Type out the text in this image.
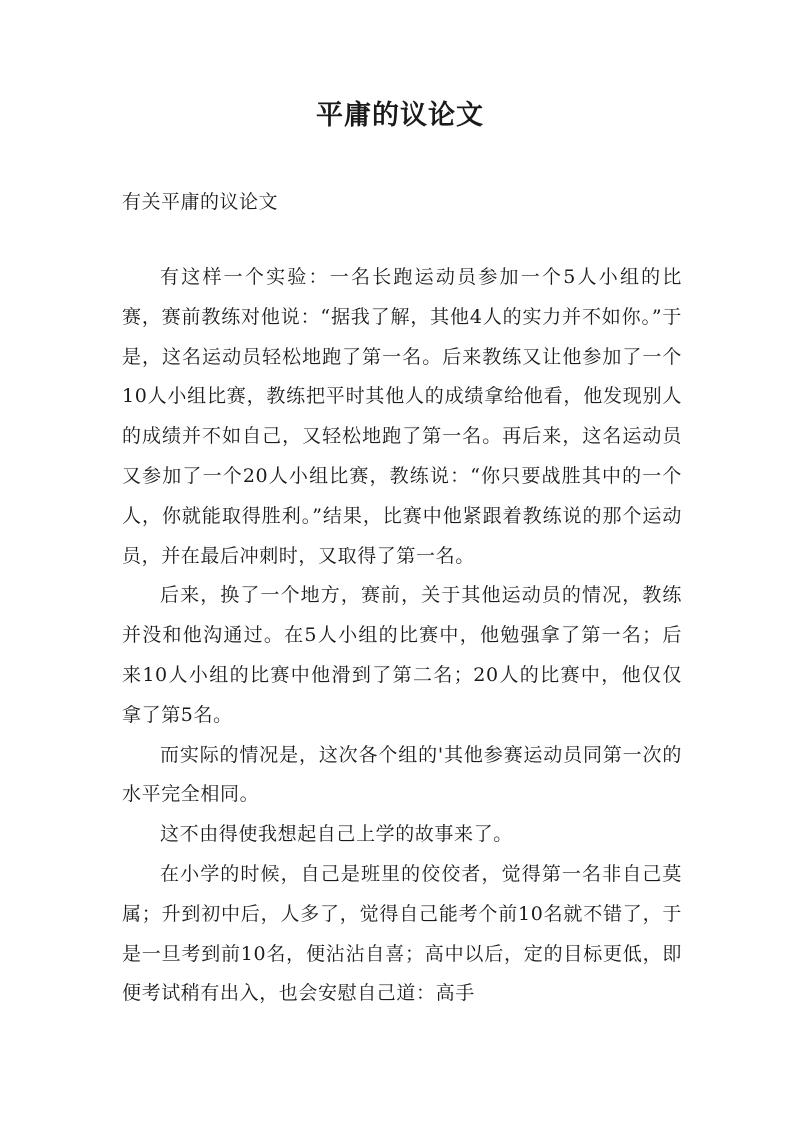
平庸的议论文

有关平庸的议论文

有这样一个实验：一名长跑运动员参加一个5人小组的比赛，赛前教练对他说：“据我了解，其他4人的实力并不如你。”于是，这名运动员轻松地跑了第一名。后来教练又让他参加了一个10人小组比赛，教练把平时其他人的成绩拿给他看，他发现别人的成绩并不如自己，又轻松地跑了第一名。再后来，这名运动员又参加了一个20人小组比赛，教练说：“你只要战胜其中的一个人，你就能取得胜利。”结果，比赛中他紧跟着教练说的那个运动员，并在最后冲刺时，又取得了第一名。

后来，换了一个地方，赛前，关于其他运动员的情况，教练并没和他沟通过。在5人小组的比赛中，他勉强拿了第一名；后来10人小组的比赛中他滑到了第二名；20人的比赛中，他仅仅拿了第5名。

而实际的情况是，这次各个组的'其他参赛运动员同第一次的水平完全相同。

这不由得使我想起自己上学的故事来了。

在小学的时候，自己是班里的佼佼者，觉得第一名非自己莫属；升到初中后，人多了，觉得自己能考个前10名就不错了，于是一旦考到前10名，便沾沾自喜；高中以后，定的目标更低，即便考试稍有出入，也会安慰自己道：高手
